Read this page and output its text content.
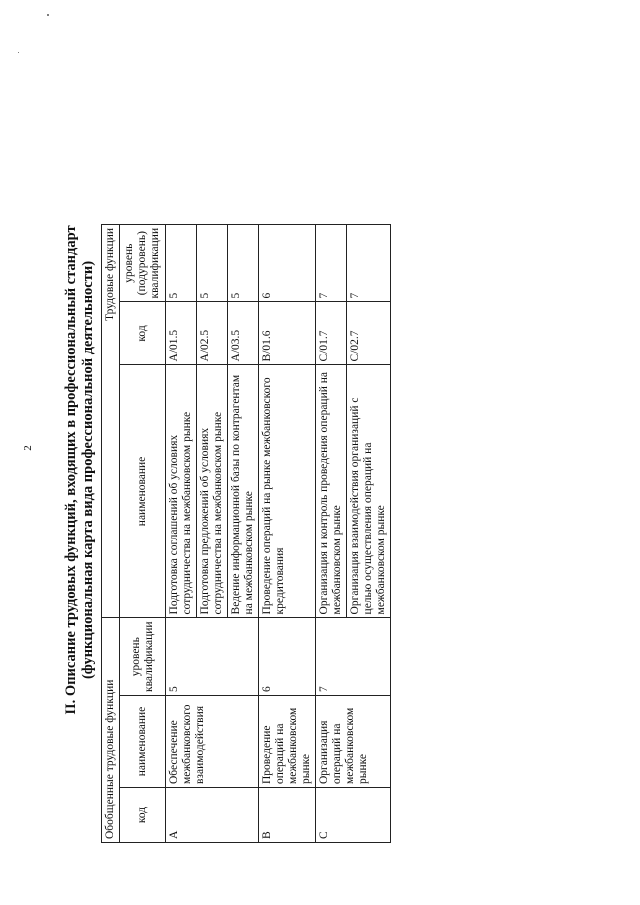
II. Описание трудовых функций, входящих в профессиональный стандарт (функциональная карта вида профессиональной деятельности)
Обобщенные трудовые функции			Трудовые функции		
код	наименование	уровень квалификации	наименование	код	уровень (подуровень) квалификации
A	Обеспечение межбанковского взаимодействия	5	Подготовка соглашений об условиях сотрудничества на межбанковском рынке	A/01.5	5
			Подготовка предложений об условиях сотрудничества на межбанковском рынке	A/02.5	5
			Ведение информационной базы по контрагентам на межбанковском рынке	A/03.5	5
B	Проведение операций на межбанковском рынке	6	Проведение операций на рынке межбанковского кредитования	B/01.6	6
C	Организация операций на межбанковском рынке	7	Организация и контроль проведения операций на межбанковском рынке	C/01.7	7
			Организация взаимодействия организаций с целью осуществления операций на межбанковском рынке	C/02.7	7
2
